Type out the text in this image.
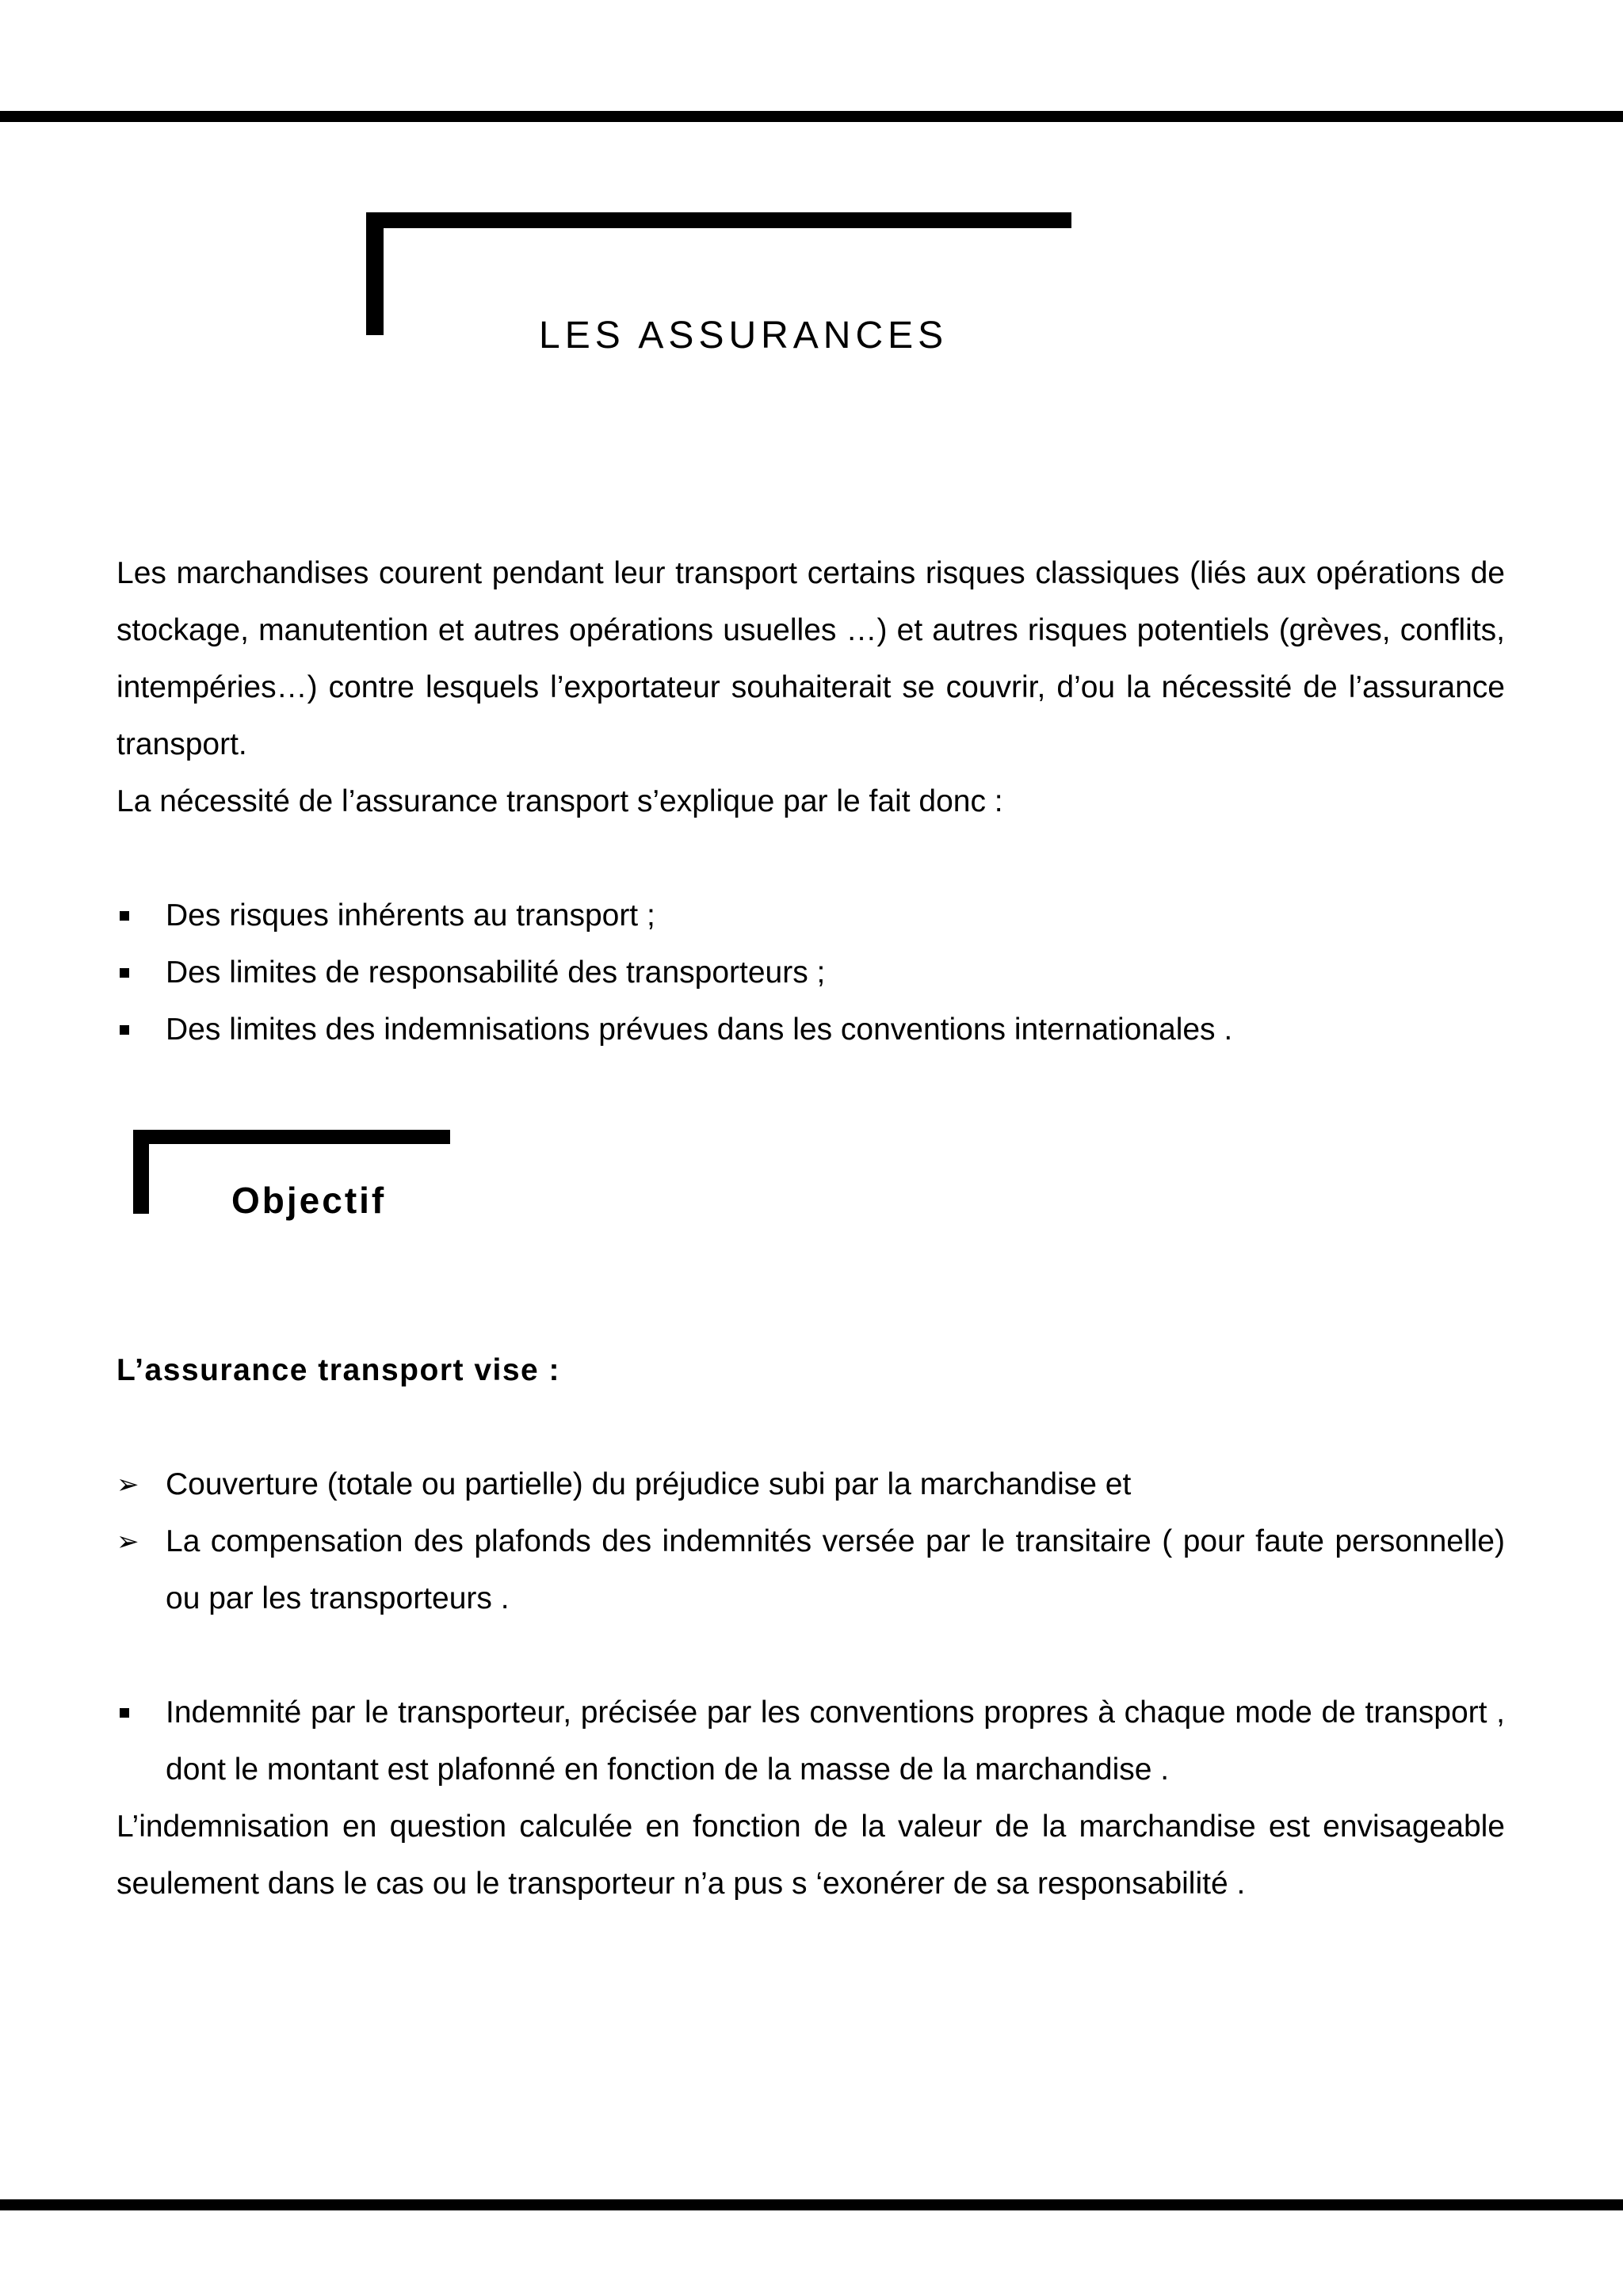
LES ASSURANCES

Les marchandises courent pendant leur transport certains risques classiques (liés aux opérations de stockage, manutention et autres opérations usuelles …) et autres risques potentiels (grèves, conflits, intempéries…) contre lesquels l’exportateur souhaiterait se couvrir, d’ou la nécessité de l’assurance transport.

La nécessité de l’assurance transport s’explique par le fait donc :

Des risques inhérents au transport ;
Des limites de responsabilité des transporteurs ;
Des limites des indemnisations prévues dans les conventions internationales .
Objectif

L’assurance transport vise :

➢ Couverture (totale ou partielle) du préjudice subi par la marchandise et
➢ La compensation des plafonds des indemnités versée par le transitaire ( pour faute personnelle) ou par les transporteurs .
Indemnité par le transporteur, précisée par les conventions propres à chaque mode de transport , dont le montant est plafonné en fonction de la masse de la marchandise .

L’indemnisation en question calculée en fonction de la valeur de la marchandise est envisageable seulement dans le cas ou le transporteur n’a pus s ‘exonérer de sa responsabilité .
